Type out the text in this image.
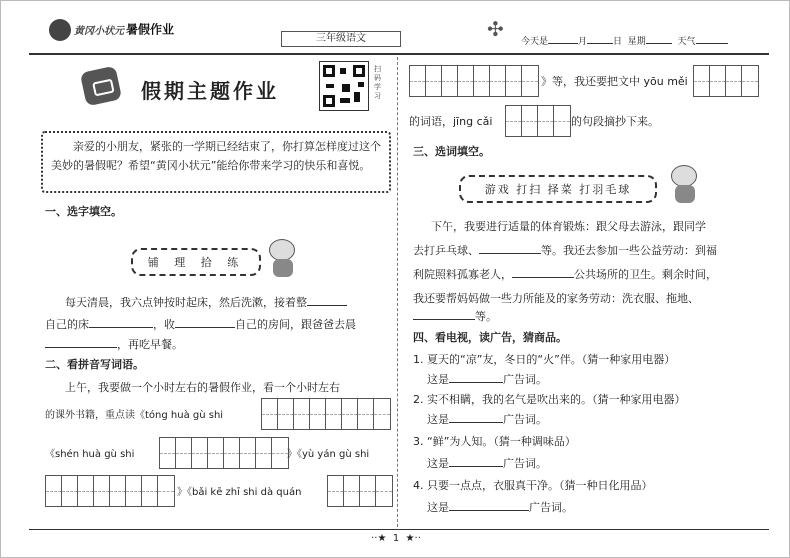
黄冈小状元 暑假作业
三年级语文	✣
今天是	月	日 星期	天气
假期主题作业
扫码学习
亲爱的小朋友，紧张的一学期已经结束了，你打算怎样度过这个美妙的暑假呢？希望“黄冈小状元”能给你带来学习的快乐和喜悦。
一、选字填空。
铺 理 拾 练
每天清晨，我六点钟按时起床，然后洗漱，接着整
自己的床	，收	自己的房间，跟爸爸去晨
，再吃早餐。
二、看拼音写词语。
上午，我要做一个小时左右的暑假作业，看一个小时左右
的课外书籍，重点读《tóng huà gù shi
《shén huà gù shi	》《yù yán gù shi
》《bǎi kē zhī shi dà quán
》等，我还要把文中 yōu měi
的词语，jīng cǎi	的句段摘抄下来。
三、选词填空。
游戏 打扫 择菜 打羽毛球
下午，我要进行适量的体育锻炼：跟父母去游泳，跟同学
去打乒乓球、	等。我还去参加一些公益劳动：到福
利院照料孤寡老人，	公共场所的卫生。剩余时间，
我还要帮妈妈做一些力所能及的家务劳动：洗衣服、拖地、
等。
四、看电视，读广告，猜商品。
1. 夏天的“凉”友，冬日的“火”伴。（猜一种家用电器）
这是	广告词。
2. 实不相瞒，我的名气是吹出来的。（猜一种家用电器）
这是	广告词。
3. “鲜”为人知。（猜一种调味品）
这是	广告词。
4. 只要一点点，衣服真干净。（猜一种日化用品）
这是	广告词。
··★ 1 ★··
